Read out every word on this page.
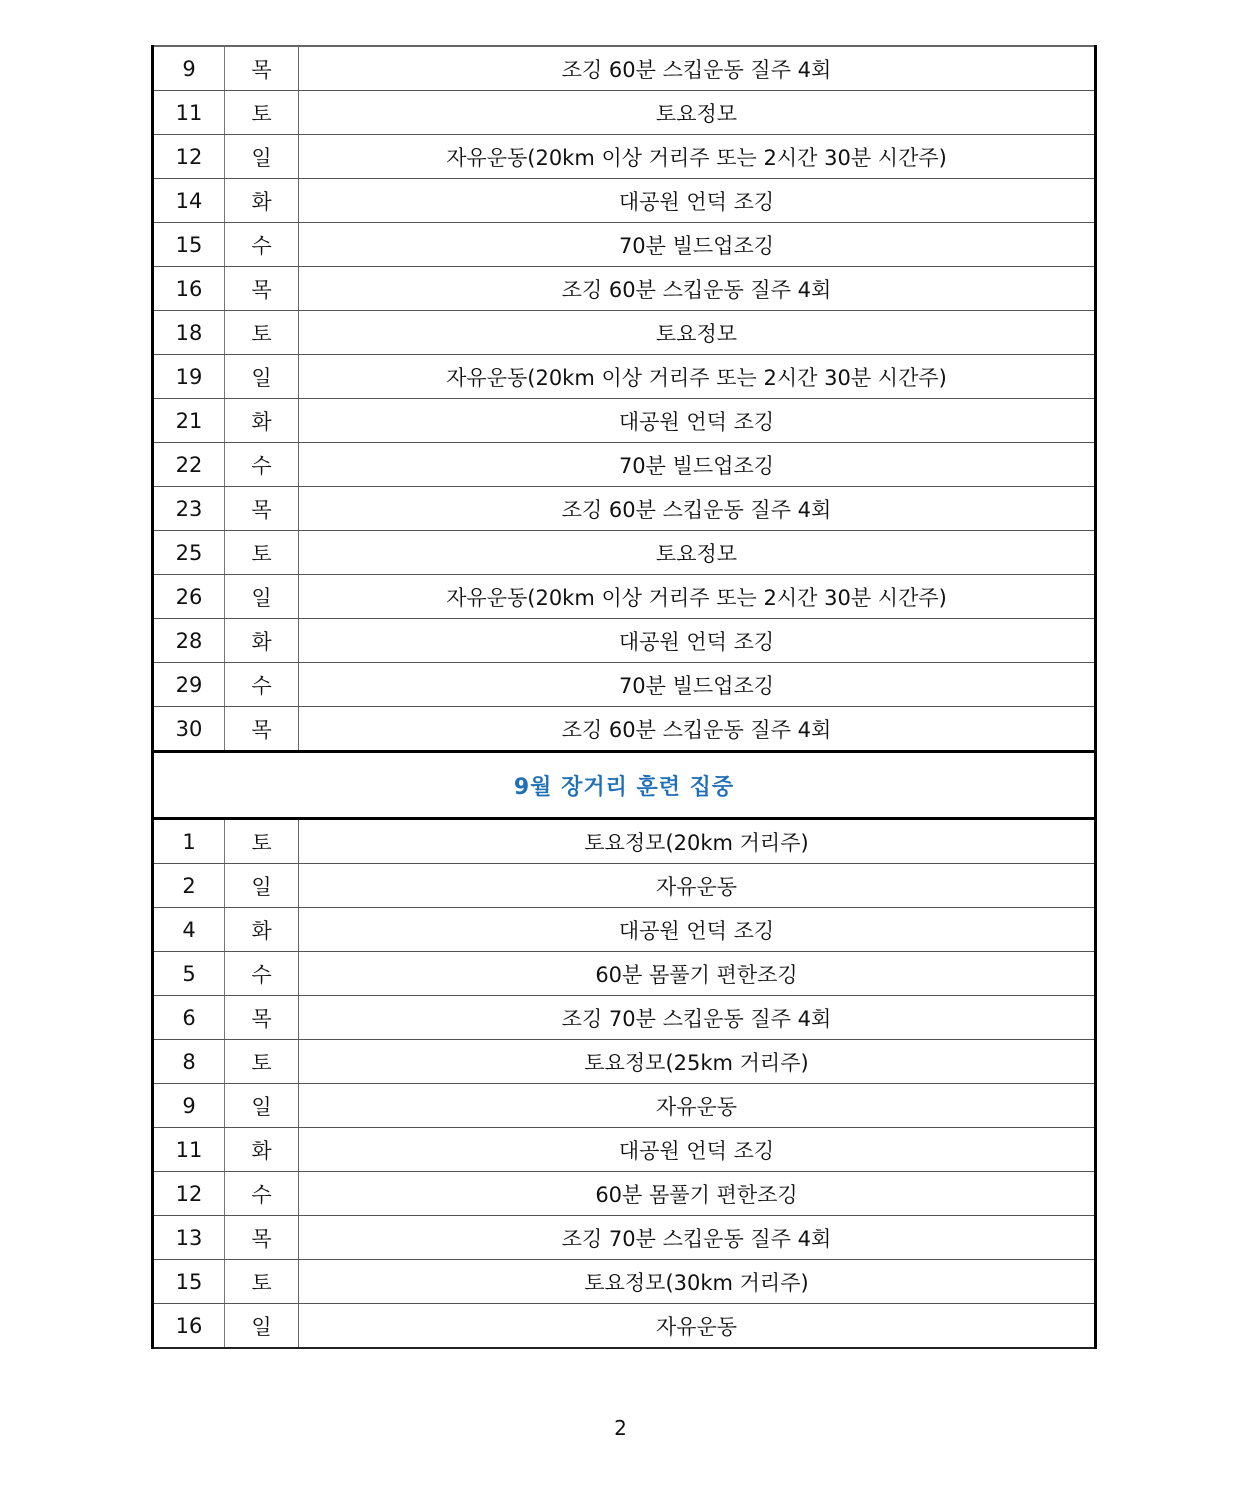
9	목	조깅 60분 스킵운동 질주 4회
11	토	토요정모
12	일	자유운동(20km 이상 거리주 또는 2시간 30분 시간주)
14	화	대공원 언덕 조깅
15	수	70분 빌드업조깅
16	목	조깅 60분 스킵운동 질주 4회
18	토	토요정모
19	일	자유운동(20km 이상 거리주 또는 2시간 30분 시간주)
21	화	대공원 언덕 조깅
22	수	70분 빌드업조깅
23	목	조깅 60분 스킵운동 질주 4회
25	토	토요정모
26	일	자유운동(20km 이상 거리주 또는 2시간 30분 시간주)
28	화	대공원 언덕 조깅
29	수	70분 빌드업조깅
30	목	조깅 60분 스킵운동 질주 4회
9월 장거리 훈련 집중		
1	토	토요정모(20km 거리주)
2	일	자유운동
4	화	대공원 언덕 조깅
5	수	60분 몸풀기 편한조깅
6	목	조깅 70분 스킵운동 질주 4회
8	토	토요정모(25km 거리주)
9	일	자유운동
11	화	대공원 언덕 조깅
12	수	60분 몸풀기 편한조깅
13	목	조깅 70분 스킵운동 질주 4회
15	토	토요정모(30km 거리주)
16	일	자유운동
2
